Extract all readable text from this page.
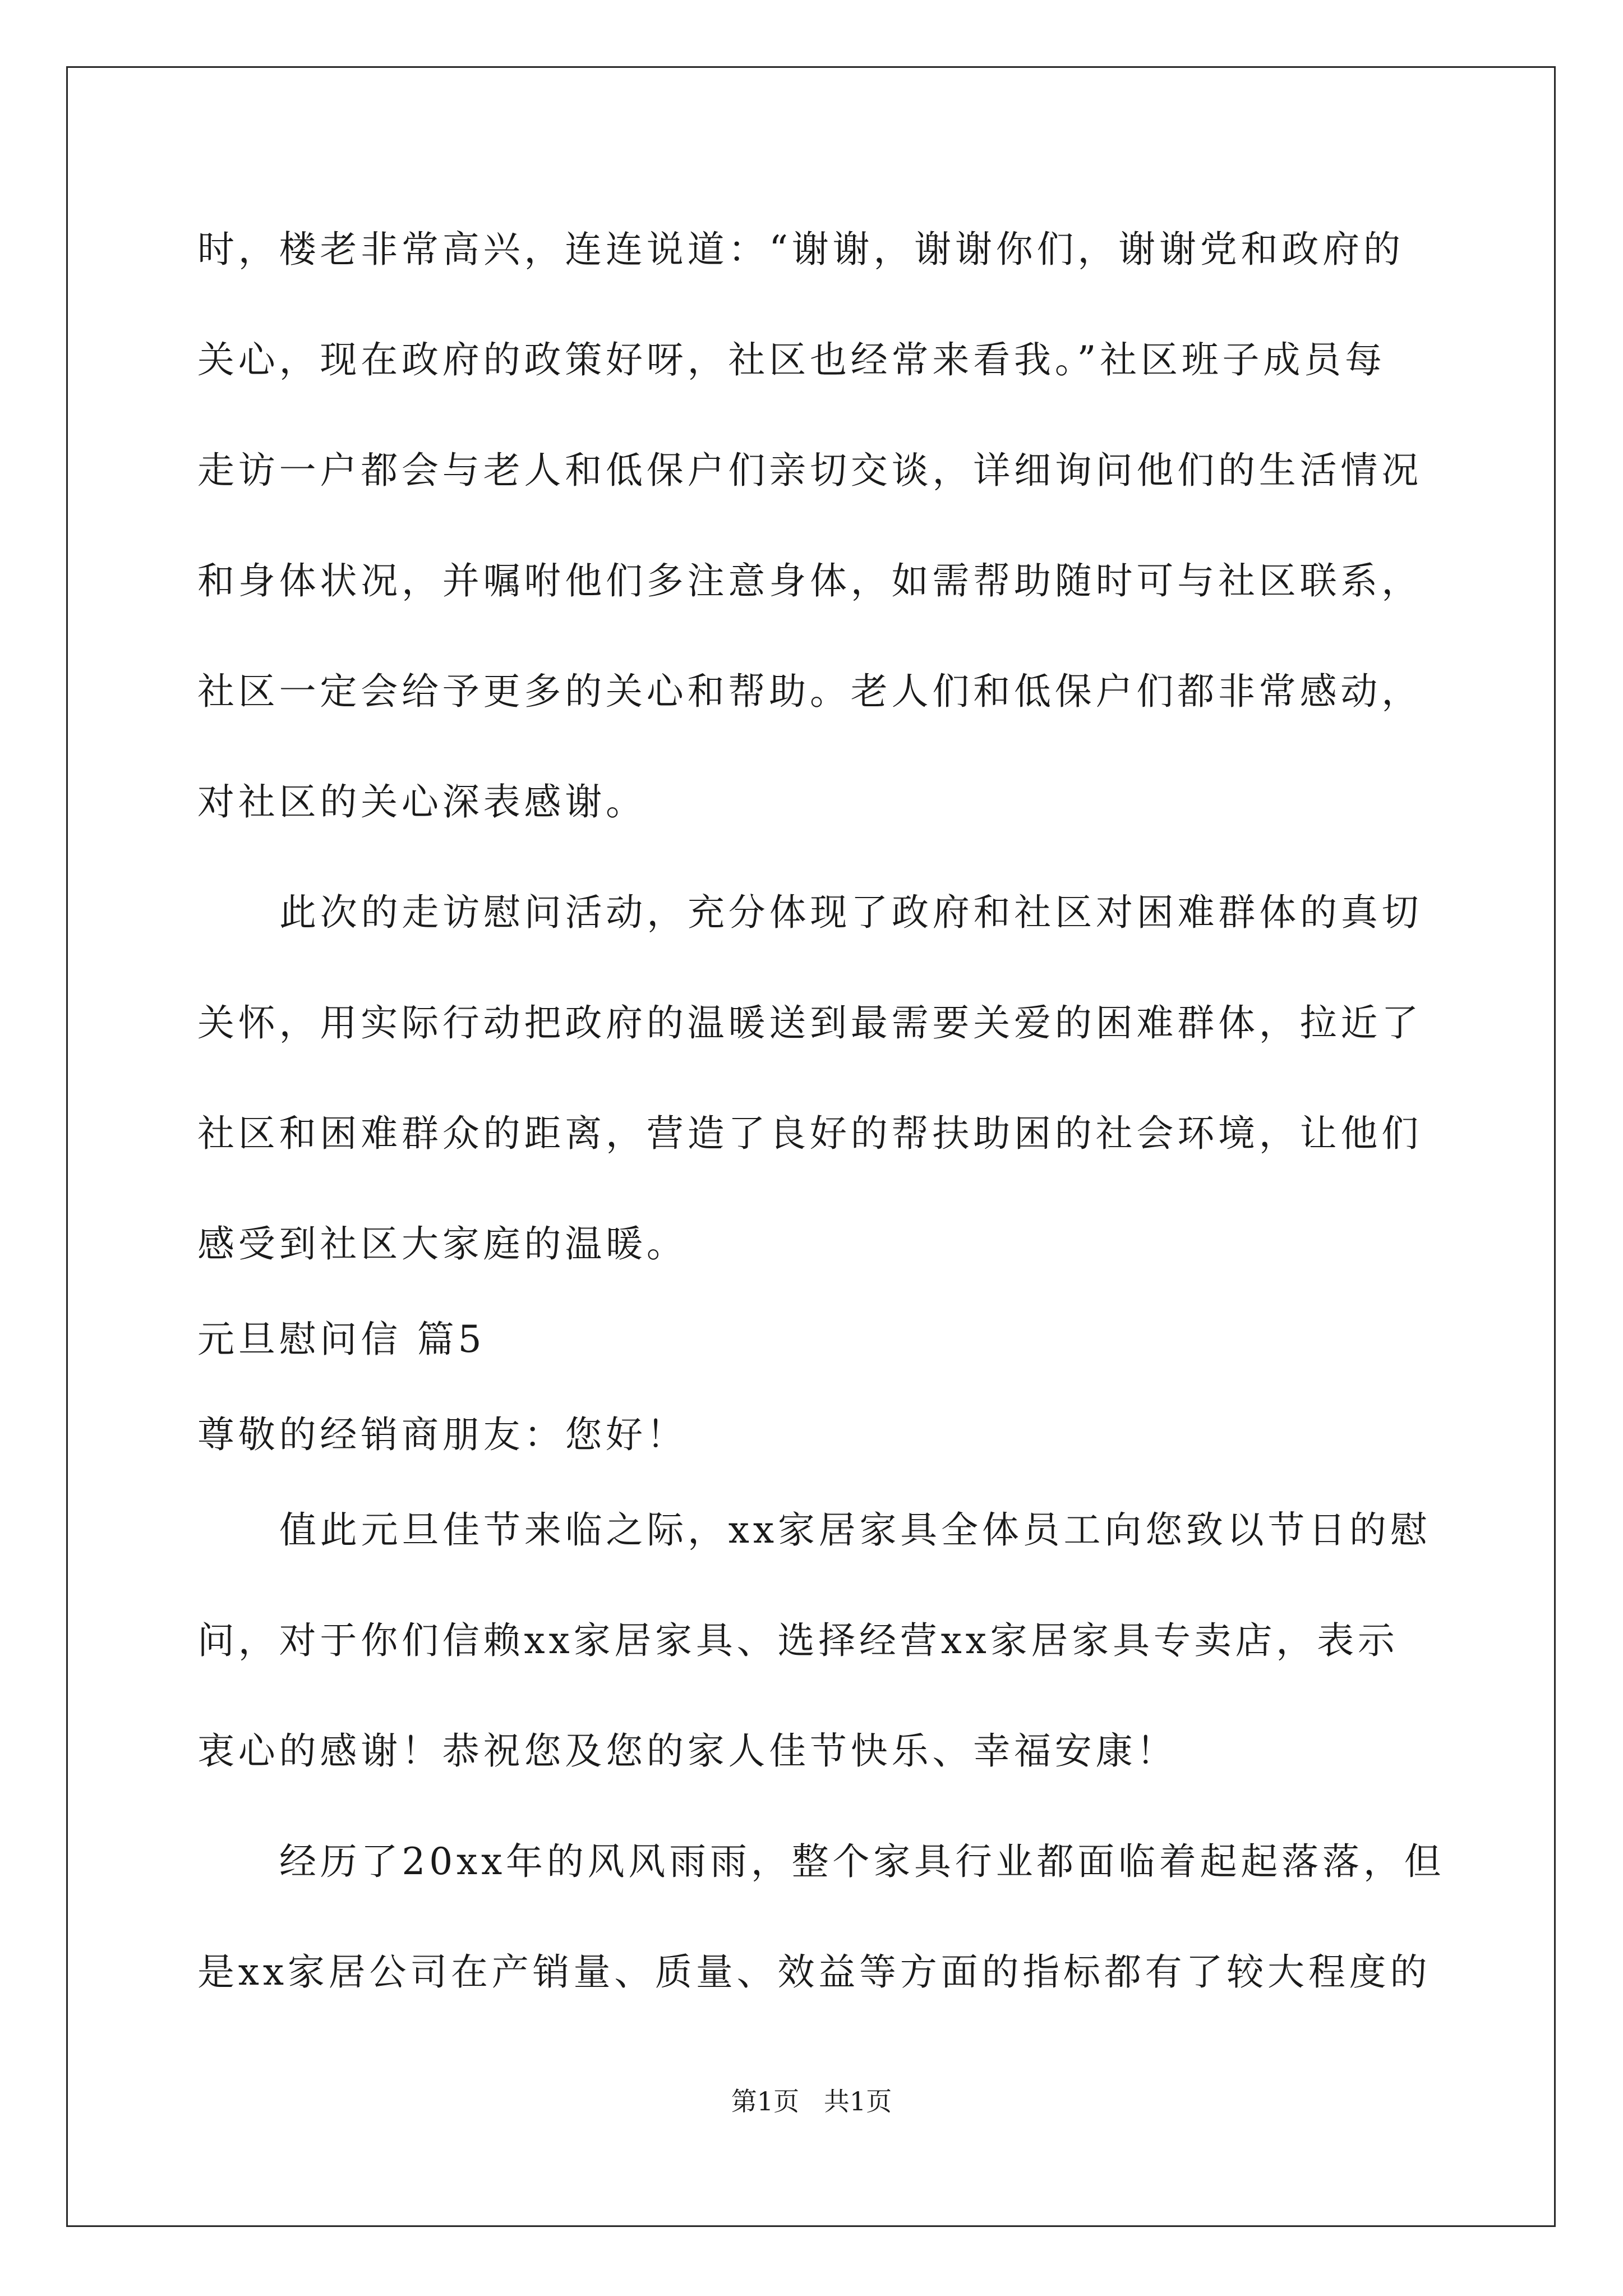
时，楼老非常高兴，连连说道：“谢谢，谢谢你们，谢谢党和政府的
关心，现在政府的政策好呀，社区也经常来看我。”社区班子成员每
走访一户都会与老人和低保户们亲切交谈，详细询问他们的生活情况
和身体状况，并嘱咐他们多注意身体，如需帮助随时可与社区联系，
社区一定会给予更多的关心和帮助。老人们和低保户们都非常感动，
对社区的关心深表感谢。
此次的走访慰问活动，充分体现了政府和社区对困难群体的真切
关怀，用实际行动把政府的温暖送到最需要关爱的困难群体，拉近了
社区和困难群众的距离，营造了良好的帮扶助困的社会环境，让他们
感受到社区大家庭的温暖。
元旦慰问信 篇5
尊敬的经销商朋友：您好！
值此元旦佳节来临之际，xx家居家具全体员工向您致以节日的慰
问，对于你们信赖xx家居家具、选择经营xx家居家具专卖店，表示
衷心的感谢！恭祝您及您的家人佳节快乐、幸福安康！
经历了20xx年的风风雨雨，整个家具行业都面临着起起落落，但
是xx家居公司在产销量、质量、效益等方面的指标都有了较大程度的
第1页   共1页
